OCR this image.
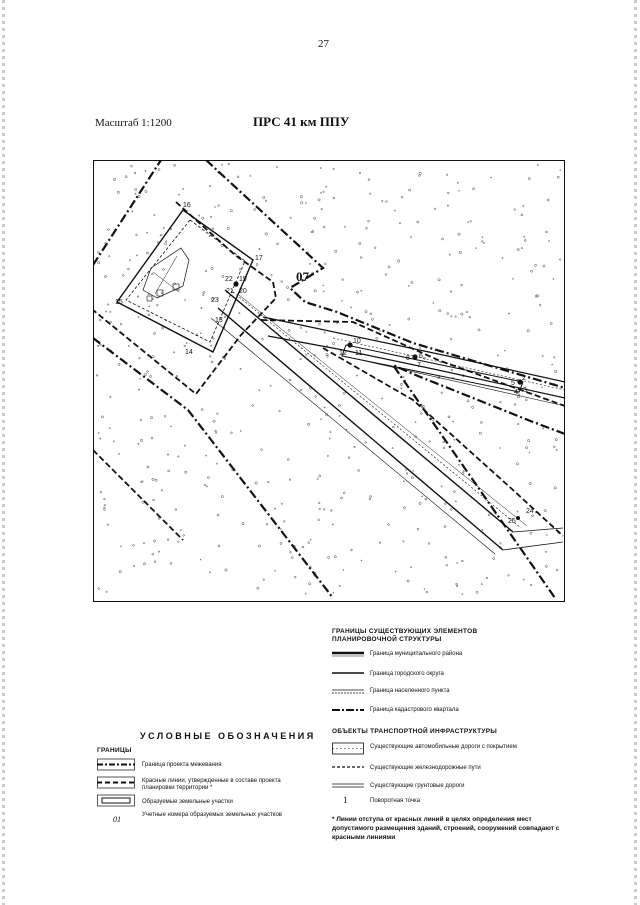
27
Масштаб 1:1200	ПРС 41 км ППУ
16
17
22 19
21 20
23
15
13
14
10
12 11
8 6
7
5
2
4 3
25
24
07
ГРАНИЦЫ СУЩЕСТВУЮЩИХ ЭЛЕМЕНТОВ ПЛАНИРОВОЧНОЙ СТРУКТУРЫ
Граница муниципального района
Граница городского округа
Граница населенного пункта
Граница кадастрового квартала
ОБЪЕКТЫ ТРАНСПОРТНОЙ ИНФРАСТРУКТУРЫ
Существующие автомобильные дороги с покрытием
Существующие железнодорожные пути
Существующие грунтовые дороги
1	Поворотная точка
УСЛОВНЫЕ ОБОЗНАЧЕНИЯ
ГРАНИЦЫ
Граница проекта межевания
Красные линии, утвержденные в составе проекта планировки территории *
Образуемые земельные участки
01	Учетные номера образуемых земельных участков
* Линии отступа от красных линий в целях определения мест допустимого размещения зданий, строений, сооружений совпадают с красными линиями
